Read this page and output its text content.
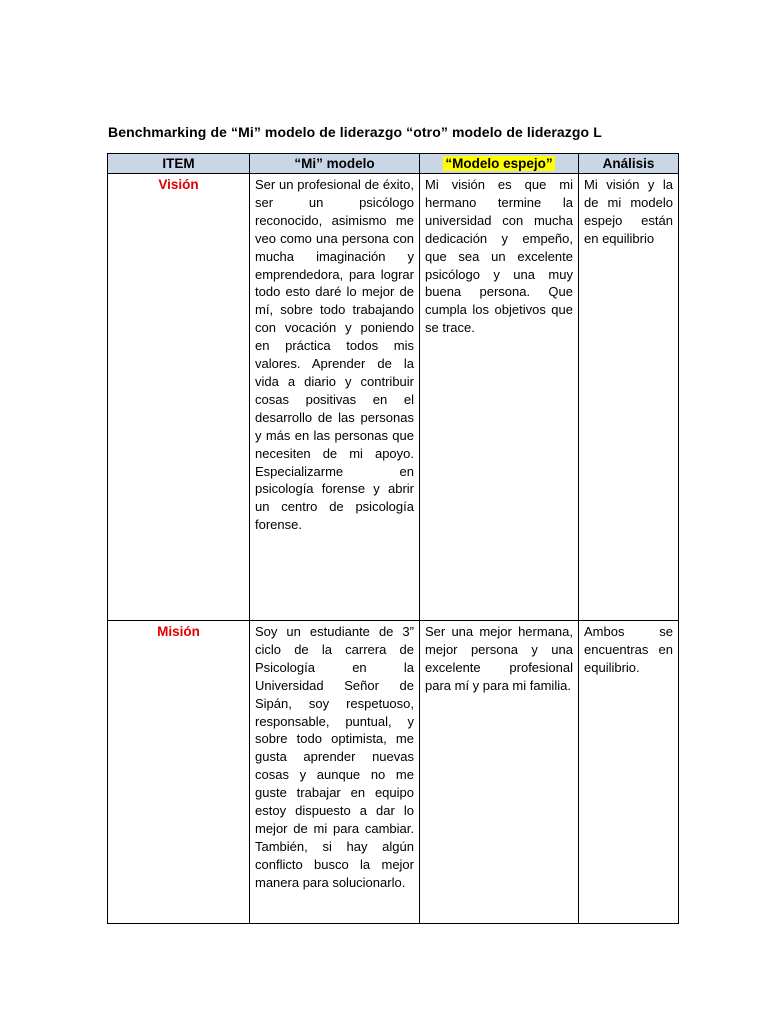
Benchmarking de “Mi” modelo de liderazgo “otro” modelo de liderazgo L
ITEM	“Mi” modelo	“Modelo espejo”	Análisis
Visión	Ser un profesional de éxito, ser un psicólogo reconocido, asimismo me veo como una persona con mucha imaginación y emprendedora, para lograr todo esto daré lo mejor de mí, sobre todo trabajando con vocación y poniendo en práctica todos mis valores. Aprender de la vida a diario y contribuir cosas positivas en el desarrollo de las personas y más en las personas que necesiten de mi apoyo. Especializarme en psicología forense y abrir un centro de psicología forense.	Mi visión es que mi hermano termine la universidad con mucha dedicación y empeño, que sea un excelente psicólogo y una muy buena persona. Que cumpla los objetivos que se trace.	Mi visión y la de mi modelo espejo están en equilibrio
Misión	Soy un estudiante de 3” ciclo de la carrera de Psicología en la Universidad Señor de Sipán, soy respetuoso, responsable, puntual, y sobre todo optimista, me gusta aprender nuevas cosas y aunque no me guste trabajar en equipo estoy dispuesto a dar lo mejor de mi para cambiar. También, si hay algún conflicto busco la mejor manera para solucionarlo.	Ser una mejor hermana, mejor persona y una excelente profesional para mí y para mi familia.	Ambos se encuentras en equilibrio.
